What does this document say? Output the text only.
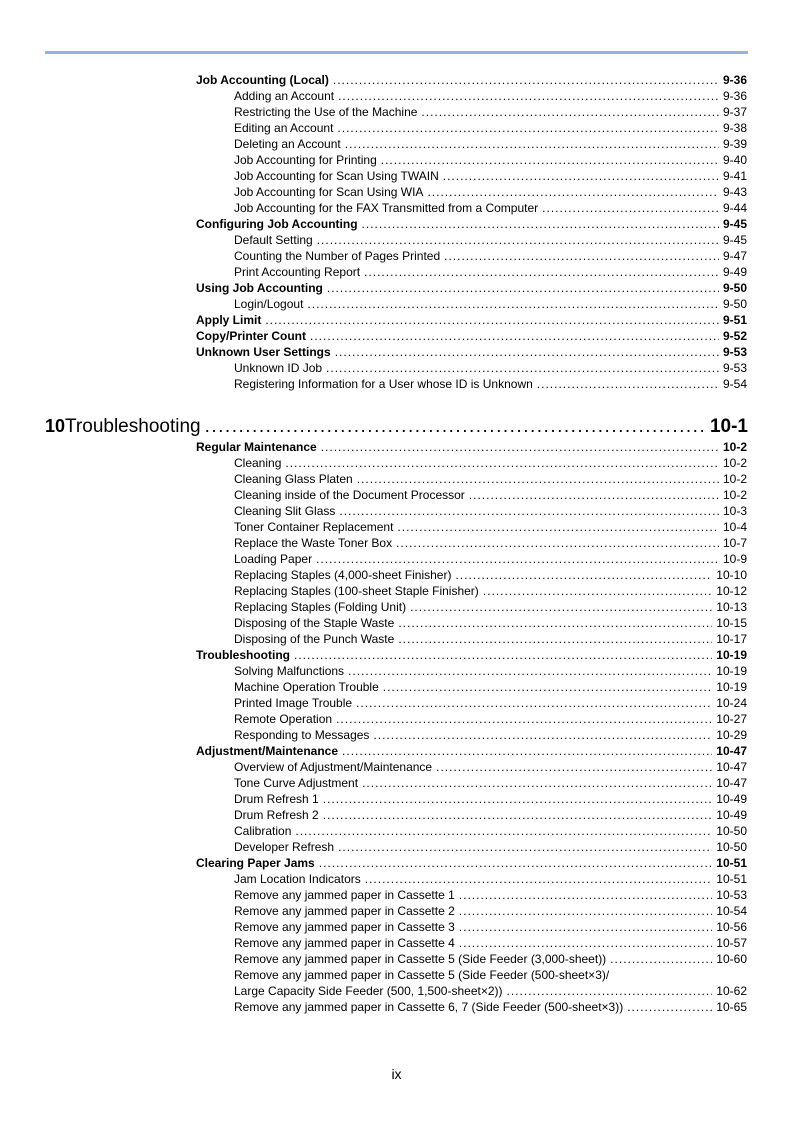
Job Accounting (Local) .....	9-36
Adding an Account .....	9-36
Restricting the Use of the Machine .....	9-37
Editing an Account .....	9-38
Deleting an Account .....	9-39
Job Accounting for Printing .....	9-40
Job Accounting for Scan Using TWAIN .....	9-41
Job Accounting for Scan Using WIA .....	9-43
Job Accounting for the FAX Transmitted from a Computer .....	9-44
Configuring Job Accounting .....	9-45
Default Setting .....	9-45
Counting the Number of Pages Printed .....	9-47
Print Accounting Report .....	9-49
Using Job Accounting .....	9-50
Login/Logout .....	9-50
Apply Limit .....	9-51
Copy/Printer Count .....	9-52
Unknown User Settings .....	9-53
Unknown ID Job .....	9-53
Registering Information for a User whose ID is Unknown .....	9-54
10 Troubleshooting .....	10-1
Regular Maintenance .....	10-2
Cleaning .....	10-2
Cleaning Glass Platen .....	10-2
Cleaning inside of the Document Processor .....	10-2
Cleaning Slit Glass .....	10-3
Toner Container Replacement .....	10-4
Replace the Waste Toner Box .....	10-7
Loading Paper .....	10-9
Replacing Staples (4,000-sheet Finisher) .....	10-10
Replacing Staples (100-sheet Staple Finisher) .....	10-12
Replacing Staples (Folding Unit) .....	10-13
Disposing of the Staple Waste .....	10-15
Disposing of the Punch Waste .....	10-17
Troubleshooting .....	10-19
Solving Malfunctions .....	10-19
Machine Operation Trouble .....	10-19
Printed Image Trouble .....	10-24
Remote Operation .....	10-27
Responding to Messages .....	10-29
Adjustment/Maintenance .....	10-47
Overview of Adjustment/Maintenance .....	10-47
Tone Curve Adjustment .....	10-47
Drum Refresh 1 .....	10-49
Drum Refresh 2 .....	10-49
Calibration .....	10-50
Developer Refresh .....	10-50
Clearing Paper Jams .....	10-51
Jam Location Indicators .....	10-51
Remove any jammed paper in Cassette 1 .....	10-53
Remove any jammed paper in Cassette 2 .....	10-54
Remove any jammed paper in Cassette 3 .....	10-56
Remove any jammed paper in Cassette 4 .....	10-57
Remove any jammed paper in Cassette 5 (Side Feeder (3,000-sheet)) .....	10-60
Remove any jammed paper in Cassette 5 (Side Feeder (500-sheet×3)/
Large Capacity Side Feeder (500, 1,500-sheet×2)) .....	10-62
Remove any jammed paper in Cassette 6, 7 (Side Feeder (500-sheet×3)) .....	10-65
ix
